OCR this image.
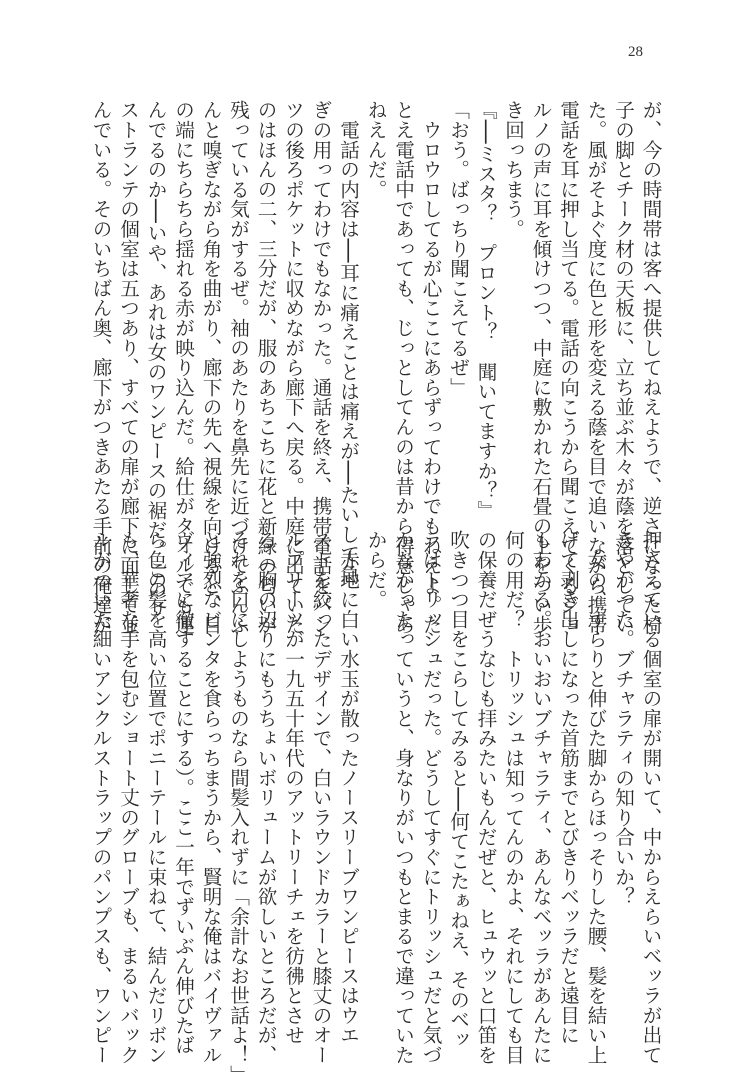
28
が、今の時間帯は客へ提供してねえようで、逆さになった椅
子の脚とチーク材の天板に、立ち並ぶ木々が蔭を落としてい
た。風がそよぐ度に色と形を変える蔭を目で追いながら携帯
電話を耳に押し当てる。電話の向こうから聞こえてくるジョ
ルノの声に耳を傾けつつ、中庭に敷かれた石畳の上をつい歩
き回っちまう。
『──ミスタ？　プロント？　聞いてますか？』
「おう。ばっちり聞こえてるぜ」
　ウロウロしてるが心ここにあらずってわけでもねえよ。た
とえ電話中であっても、じっとしてんのは昔から得意じゃあ
ねえんだ。
　電話の内容は──耳に痛えことは痛えが──たいして急
ぎの用ってわけでもなかった。通話を終え、携帯電話をパン
ツの後ろポケットに収めながら廊下へ戻る。中庭に出ていた
のはほんの二、三分だが、服のあちこちに花と新緑の匂いが
残っている気がするぜ。袖のあたりを鼻先に近づけてふんふ
んと嗅ぎながら角を曲がり、廊下の先へ視線を向けると、目
の端にちらちら揺れる赤が映り込んだ。給仕がタオルでも運
んでるのか──いや、あれは女のワンピースの裾だ。このリ
ストランテの個室は五つあり、すべての扉が廊下に面して並
んでいる。そのいちばん奥、廊下がつきあたる手前の俺達が
押さえている個室の扉が開いて、中からえらいベッラが出て
きやがった。ブチャラティの知り合いか？
　女の、すらりと伸びた脚からほっそりした腰、髪を結い上
げて剥き出しになった首筋までとびきりベッラだと遠目に
もわかる。おいおいブチャラティ、あんなベッラがあんたに
何の用だ？　トリッシュは知ってんのかよ、それにしても目
の保養だぜうなじも拝みたいもんだぜと、ヒュウッと口笛を
吹きつつ目をこらしてみると──何てこたぁねえ、そのベッ
ラはトリッシュだった。どうしてすぐにトリッシュだと気づ
かなかったっていうと、身なりがいつもとまるで違っていた
からだ。
　赤地に白い水玉が散ったノースリーブワンピースはウエ
ストを絞ったデザインで、白いラウンドカラーと膝丈のオー
ルプリーツが一九五十年代のアットリーチェを彷彿とさせ
る（胸の辺りにもうちょいボリュームが欲しいところだが、
それを口にしようものなら間髪入れずに「余計なお世話よ！」
と強烈なビンタを食らっちまうから、賢明な俺はバイヴァル
ヴィアに徹することにする）。ここ一年でずいぶん伸びたば
ら色の髪を高い位置でポニーテールに束ねて、結んだリボン
も、華奢な手を包むショート丈のグローブも、まるいバック
ルがついた細いアンクルストラップのパンプスも、ワンピー
